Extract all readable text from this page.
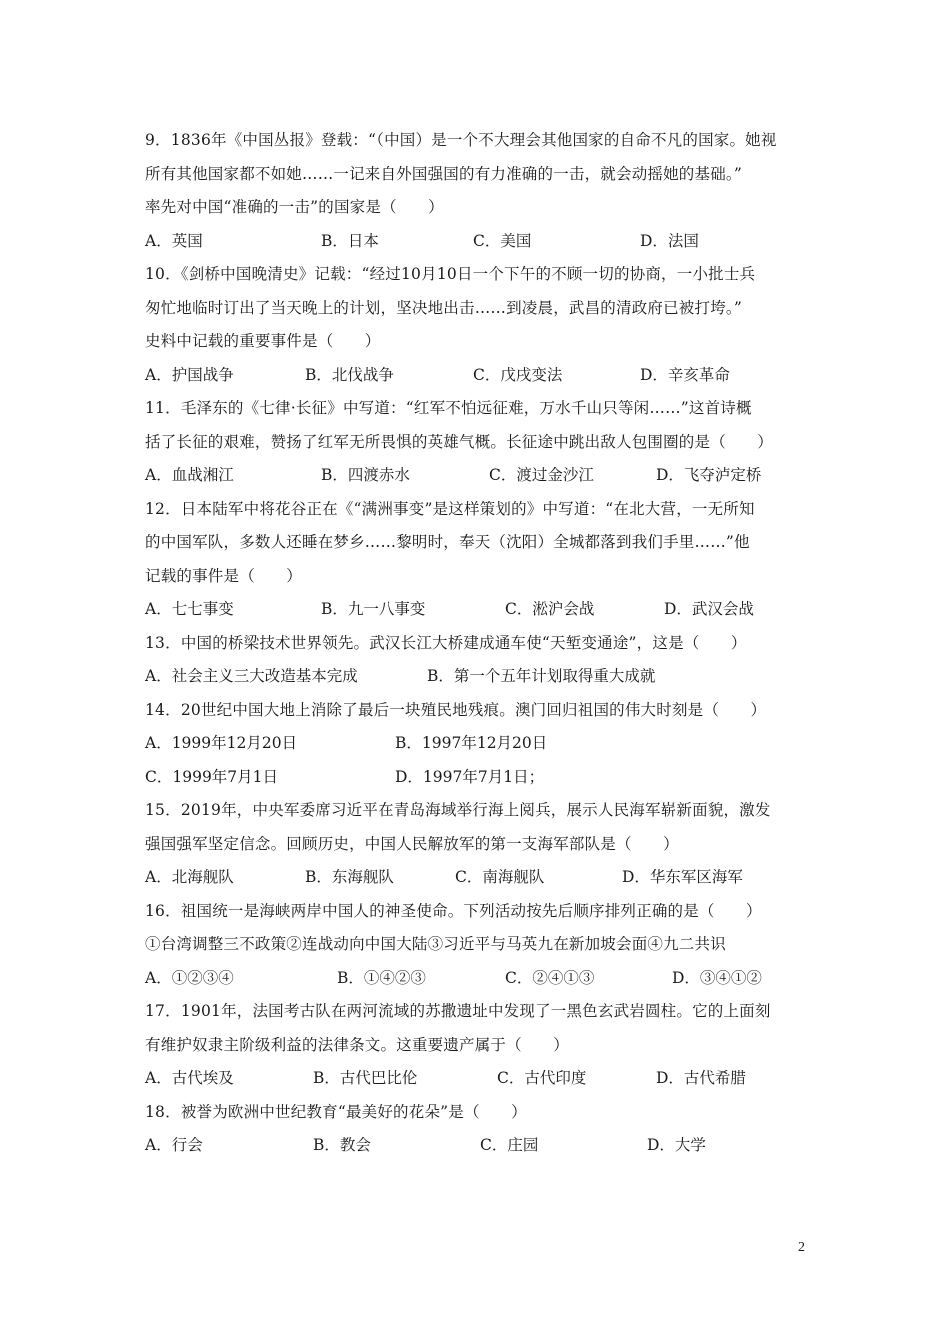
9．1836年《中国丛报》登载：“（中国）是一个不大理会其他国家的自命不凡的国家。她视
所有其他国家都不如她……一记来自外国强国的有力准确的一击，就会动摇她的基础。”
率先对中国“准确的一击”的国家是（　　）
A．英国	B．日本	C．美国	D．法国
10．《剑桥中国晚清史》记载：“经过10月10日一个下午的不顾一切的协商，一小批士兵
匆忙地临时订出了当天晚上的计划，坚决地出击……到凌晨，武昌的清政府已被打垮。”
史料中记载的重要事件是（　　）
A．护国战争	B．北伐战争	C．戊戌变法	D．辛亥革命
11．毛泽东的《七律·长征》中写道：“红军不怕远征难，万水千山只等闲……”这首诗概
括了长征的艰难，赞扬了红军无所畏惧的英雄气概。长征途中跳出敌人包围圈的是（　　）
A．血战湘江	B．四渡赤水	C．渡过金沙江	D．飞夺泸定桥
12．日本陆军中将花谷正在《“满洲事变”是这样策划的》中写道：“在北大营，一无所知
的中国军队，多数人还睡在梦乡……黎明时，奉天（沈阳）全城都落到我们手里……”他
记载的事件是（　　）
A．七七事变	B．九一八事变	C．淞沪会战	D．武汉会战
13．中国的桥梁技术世界领先。武汉长江大桥建成通车使“天堑变通途”，这是（　　）
A．社会主义三大改造基本完成	B．第一个五年计划取得重大成就
14．20世纪中国大地上消除了最后一块殖民地残痕。澳门回归祖国的伟大时刻是（　　）
A．1999年12月20日	B．1997年12月20日
C．1999年7月1日	D．1997年7月1日；
15．2019年，中央军委席习近平在青岛海域举行海上阅兵，展示人民海军崭新面貌，激发
强国强军坚定信念。回顾历史，中国人民解放军的第一支海军部队是（　　）
A．北海舰队	B．东海舰队	C．南海舰队	D．华东军区海军
16．祖国统一是海峡两岸中国人的神圣使命。下列活动按先后顺序排列正确的是（　　）
①台湾调整三不政策②连战动向中国大陆③习近平与马英九在新加坡会面④九二共识
A．①②③④	B．①④②③	C．②④①③	D．③④①②
17．1901年，法国考古队在两河流域的苏撒遗址中发现了一黑色玄武岩圆柱。它的上面刻
有维护奴隶主阶级利益的法律条文。这重要遗产属于（　　）
A．古代埃及	B．古代巴比伦	C．古代印度	D．古代希腊
18．被誉为欧洲中世纪教育“最美好的花朵”是（　　）
A．行会	B．教会	C．庄园	D．大学
2
